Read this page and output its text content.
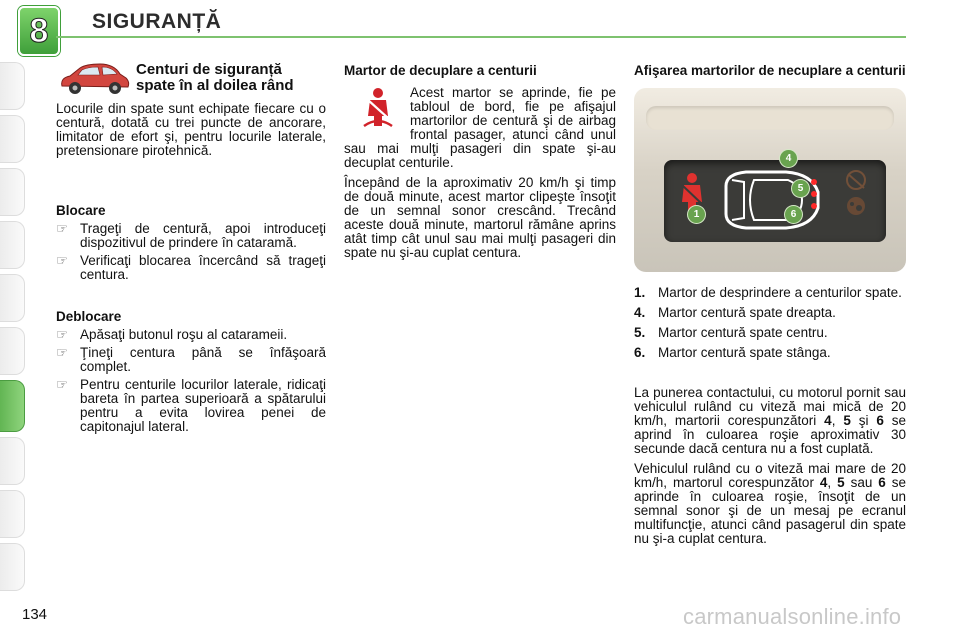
8 SIGURANȚĂ
Centuri de siguranță
spate în al doilea rând

Locurile din spate sunt echipate fiecare cu o centură, dotată cu trei puncte de ancorare, limitator de efort şi, pentru locurile laterale, pretensionare pirotehnică.

Blocare
☞ Trageţi de centură, apoi introduceţi dispozitivul de prindere în cataramă.
☞ Verificaţi blocarea încercând să trageţi centura.
Deblocare
☞ Apăsaţi butonul roşu al catarameii.
☞ Ţineţi centura până se înfăşoară complet.
☞ Pentru centurile locurilor laterale, ridicaţi bareta în partea superioară a spătarului pentru a evita lovirea penei de capitonajul lateral.
Martor de decuplare a centurii

Acest martor se aprinde, fie pe tabloul de bord, fie pe afişajul martorilor de centură şi de airbag frontal pasager, atunci când unul sau mai mulţi pasageri din spate şi-au decuplat centurile.

Începând de la aproximativ 20 km/h şi timp de două minute, acest martor clipeşte însoţit de un semnal sonor crescând. Trecând aceste două minute, martorul rămâne aprins atât timp cât unul sau mai mulţi pasageri din spate nu şi-au cuplat centura.

Afişarea martorilor de necuplare a centurii
4
5
1	6
1. Martor de desprindere a centurilor spate.
4. Martor centură spate dreapta.
5. Martor centură spate centru.
6. Martor centură spate stânga.

La punerea contactului, cu motorul pornit sau vehiculul rulând cu viteză mai mică de 20 km/h, martorii corespunzători 4, 5 şi 6 se aprind în culoarea roşie aproximativ 30 secunde dacă centura nu a fost cuplată.

Vehiculul rulând cu o viteză mai mare de 20 km/h, martorul corespunzător 4, 5 sau 6 se aprinde în culoarea roşie, însoţit de un semnal sonor şi de un mesaj pe ecranul multifuncţie, atunci când pasagerul din spate nu şi-a cuplat centura.

134	carmanualsonline.info
